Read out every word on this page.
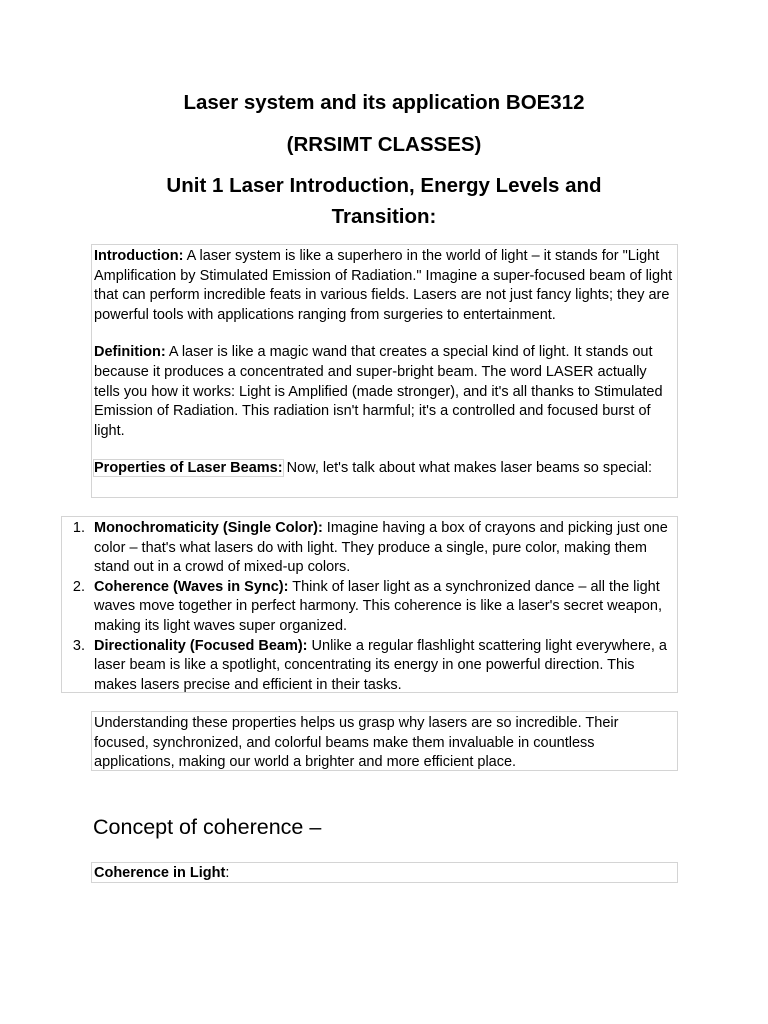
Laser system and its application BOE312
(RRSIMT CLASSES)
Unit 1 Laser Introduction, Energy Levels and Transition:

Introduction: A laser system is like a superhero in the world of light – it stands for "Light Amplification by Stimulated Emission of Radiation." Imagine a super-focused beam of light that can perform incredible feats in various fields. Lasers are not just fancy lights; they are powerful tools with applications ranging from surgeries to entertainment.

Definition: A laser is like a magic wand that creates a special kind of light. It stands out because it produces a concentrated and super-bright beam. The word LASER actually tells you how it works: Light is Amplified (made stronger), and it's all thanks to Stimulated Emission of Radiation. This radiation isn't harmful; it's a controlled and focused burst of light.

Properties of Laser Beams: Now, let's talk about what makes laser beams so special:

1. Monochromaticity (Single Color): Imagine having a box of crayons and picking just one color – that's what lasers do with light. They produce a single, pure color, making them stand out in a crowd of mixed-up colors.
2. Coherence (Waves in Sync): Think of laser light as a synchronized dance – all the light waves move together in perfect harmony. This coherence is like a laser's secret weapon, making its light waves super organized.
3. Directionality (Focused Beam): Unlike a regular flashlight scattering light everywhere, a laser beam is like a spotlight, concentrating its energy in one powerful direction. This makes lasers precise and efficient in their tasks.

Understanding these properties helps us grasp why lasers are so incredible. Their focused, synchronized, and colorful beams make them invaluable in countless applications, making our world a brighter and more efficient place.

Concept of coherence –

Coherence in Light:
